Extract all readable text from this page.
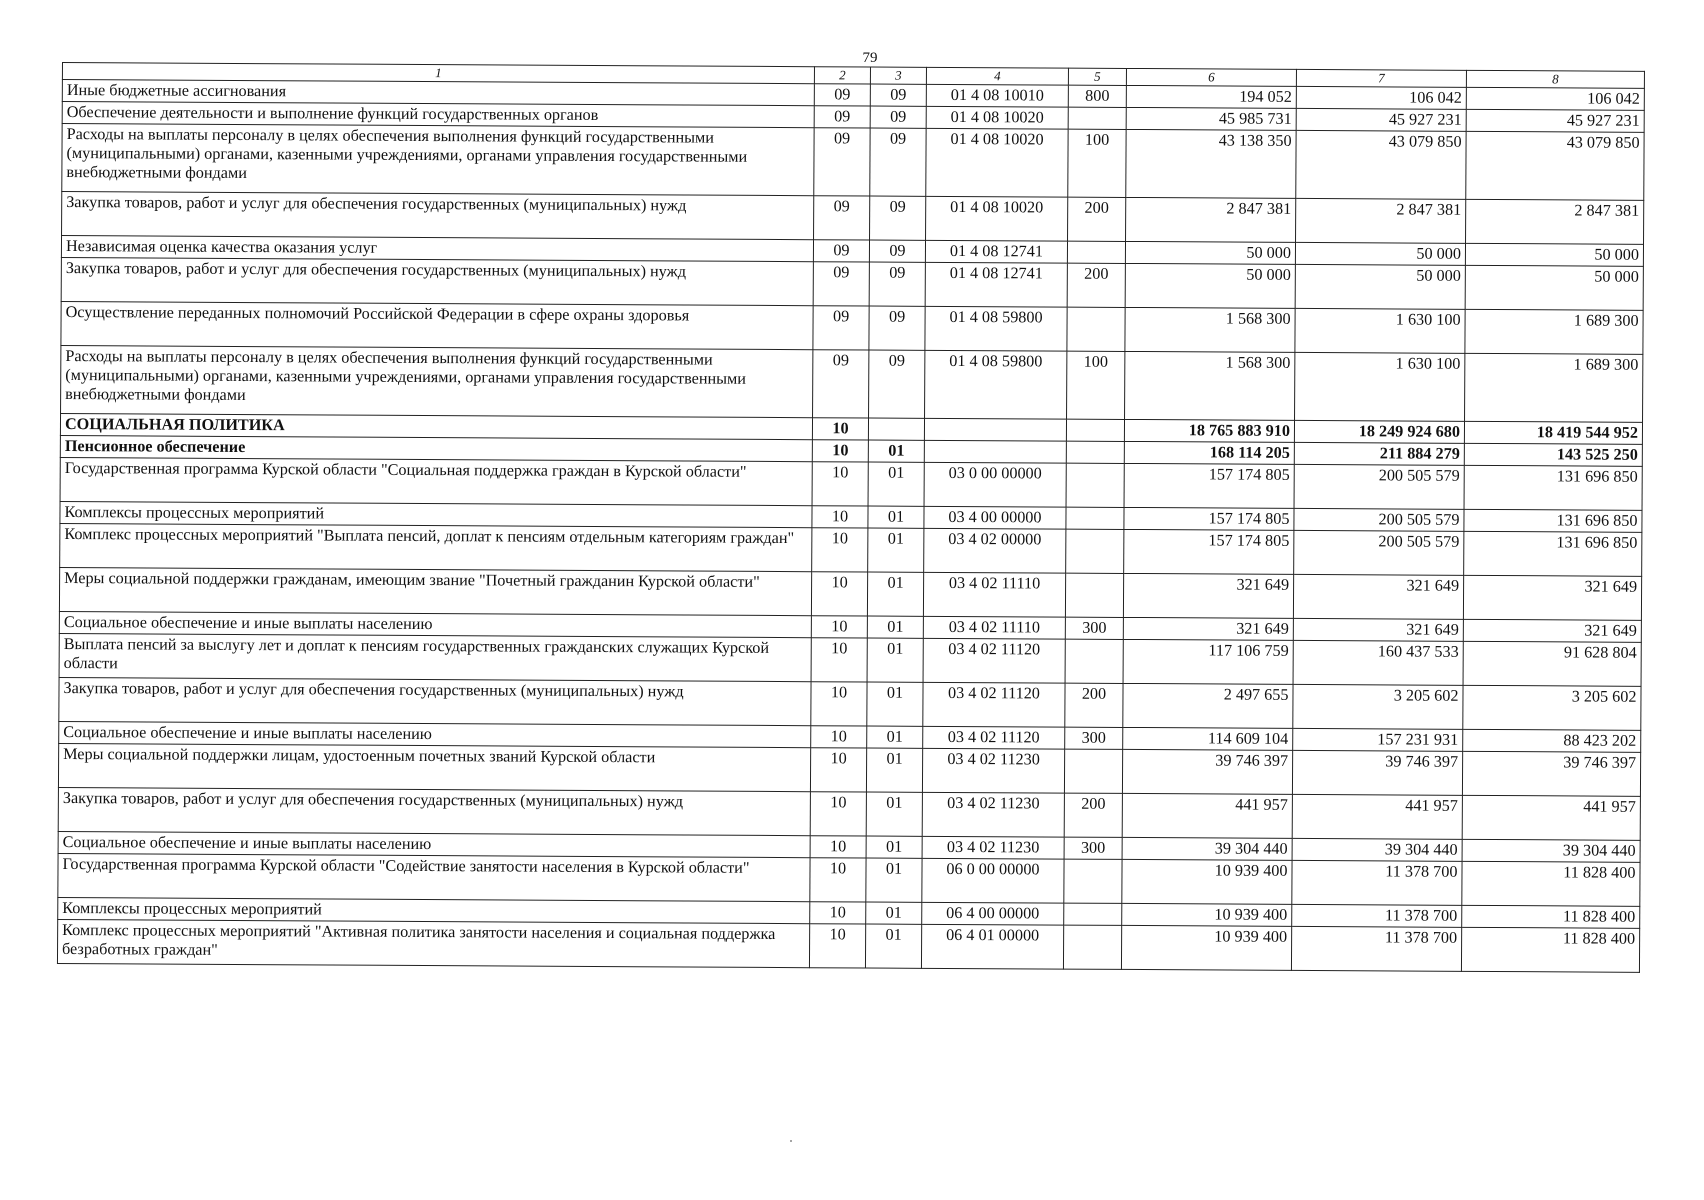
79
1	2	3	4	5	6	7	8
Иные бюджетные ассигнования	09	09	01 4 08 10010	800	194 052	106 042	106 042
Обеспечение деятельности и выполнение функций государственных органов	09	09	01 4 08 10020		45 985 731	45 927 231	45 927 231
Расходы на выплаты персоналу в целях обеспечения выполнения функций государственными (муниципальными) органами, казенными учреждениями, органами управления государственными внебюджетными фондами	09	09	01 4 08 10020	100	43 138 350	43 079 850	43 079 850
Закупка товаров, работ и услуг для обеспечения государственных (муниципальных) нужд	09	09	01 4 08 10020	200	2 847 381	2 847 381	2 847 381
Независимая оценка качества оказания услуг	09	09	01 4 08 12741		50 000	50 000	50 000
Закупка товаров, работ и услуг для обеспечения государственных (муниципальных) нужд	09	09	01 4 08 12741	200	50 000	50 000	50 000
Осуществление переданных полномочий Российской Федерации в сфере охраны здоровья	09	09	01 4 08 59800		1 568 300	1 630 100	1 689 300
Расходы на выплаты персоналу в целях обеспечения выполнения функций государственными (муниципальными) органами, казенными учреждениями, органами управления государственными внебюджетными фондами	09	09	01 4 08 59800	100	1 568 300	1 630 100	1 689 300
СОЦИАЛЬНАЯ ПОЛИТИКА	10				18 765 883 910	18 249 924 680	18 419 544 952
Пенсионное обеспечение	10	01			168 114 205	211 884 279	143 525 250
Государственная программа Курской области "Социальная поддержка граждан в Курской области"	10	01	03 0 00 00000		157 174 805	200 505 579	131 696 850
Комплексы процессных мероприятий	10	01	03 4 00 00000		157 174 805	200 505 579	131 696 850
Комплекс процессных мероприятий "Выплата пенсий, доплат к пенсиям отдельным категориям граждан"	10	01	03 4 02 00000		157 174 805	200 505 579	131 696 850
Меры социальной поддержки гражданам, имеющим звание "Почетный гражданин Курской области"	10	01	03 4 02 11110		321 649	321 649	321 649
Социальное обеспечение и иные выплаты населению	10	01	03 4 02 11110	300	321 649	321 649	321 649
Выплата пенсий за выслугу лет и доплат к пенсиям государственных гражданских служащих Курской области	10	01	03 4 02 11120		117 106 759	160 437 533	91 628 804
Закупка товаров, работ и услуг для обеспечения государственных (муниципальных) нужд	10	01	03 4 02 11120	200	2 497 655	3 205 602	3 205 602
Социальное обеспечение и иные выплаты населению	10	01	03 4 02 11120	300	114 609 104	157 231 931	88 423 202
Меры социальной поддержки лицам, удостоенным почетных званий Курской области	10	01	03 4 02 11230		39 746 397	39 746 397	39 746 397
Закупка товаров, работ и услуг для обеспечения государственных (муниципальных) нужд	10	01	03 4 02 11230	200	441 957	441 957	441 957
Социальное обеспечение и иные выплаты населению	10	01	03 4 02 11230	300	39 304 440	39 304 440	39 304 440
Государственная программа Курской области "Содействие занятости населения в Курской области"	10	01	06 0 00 00000		10 939 400	11 378 700	11 828 400
Комплексы процессных мероприятий	10	01	06 4 00 00000		10 939 400	11 378 700	11 828 400
Комплекс процессных мероприятий "Активная политика занятости населения и социальная поддержка безработных граждан"	10	01	06 4 01 00000		10 939 400	11 378 700	11 828 400
